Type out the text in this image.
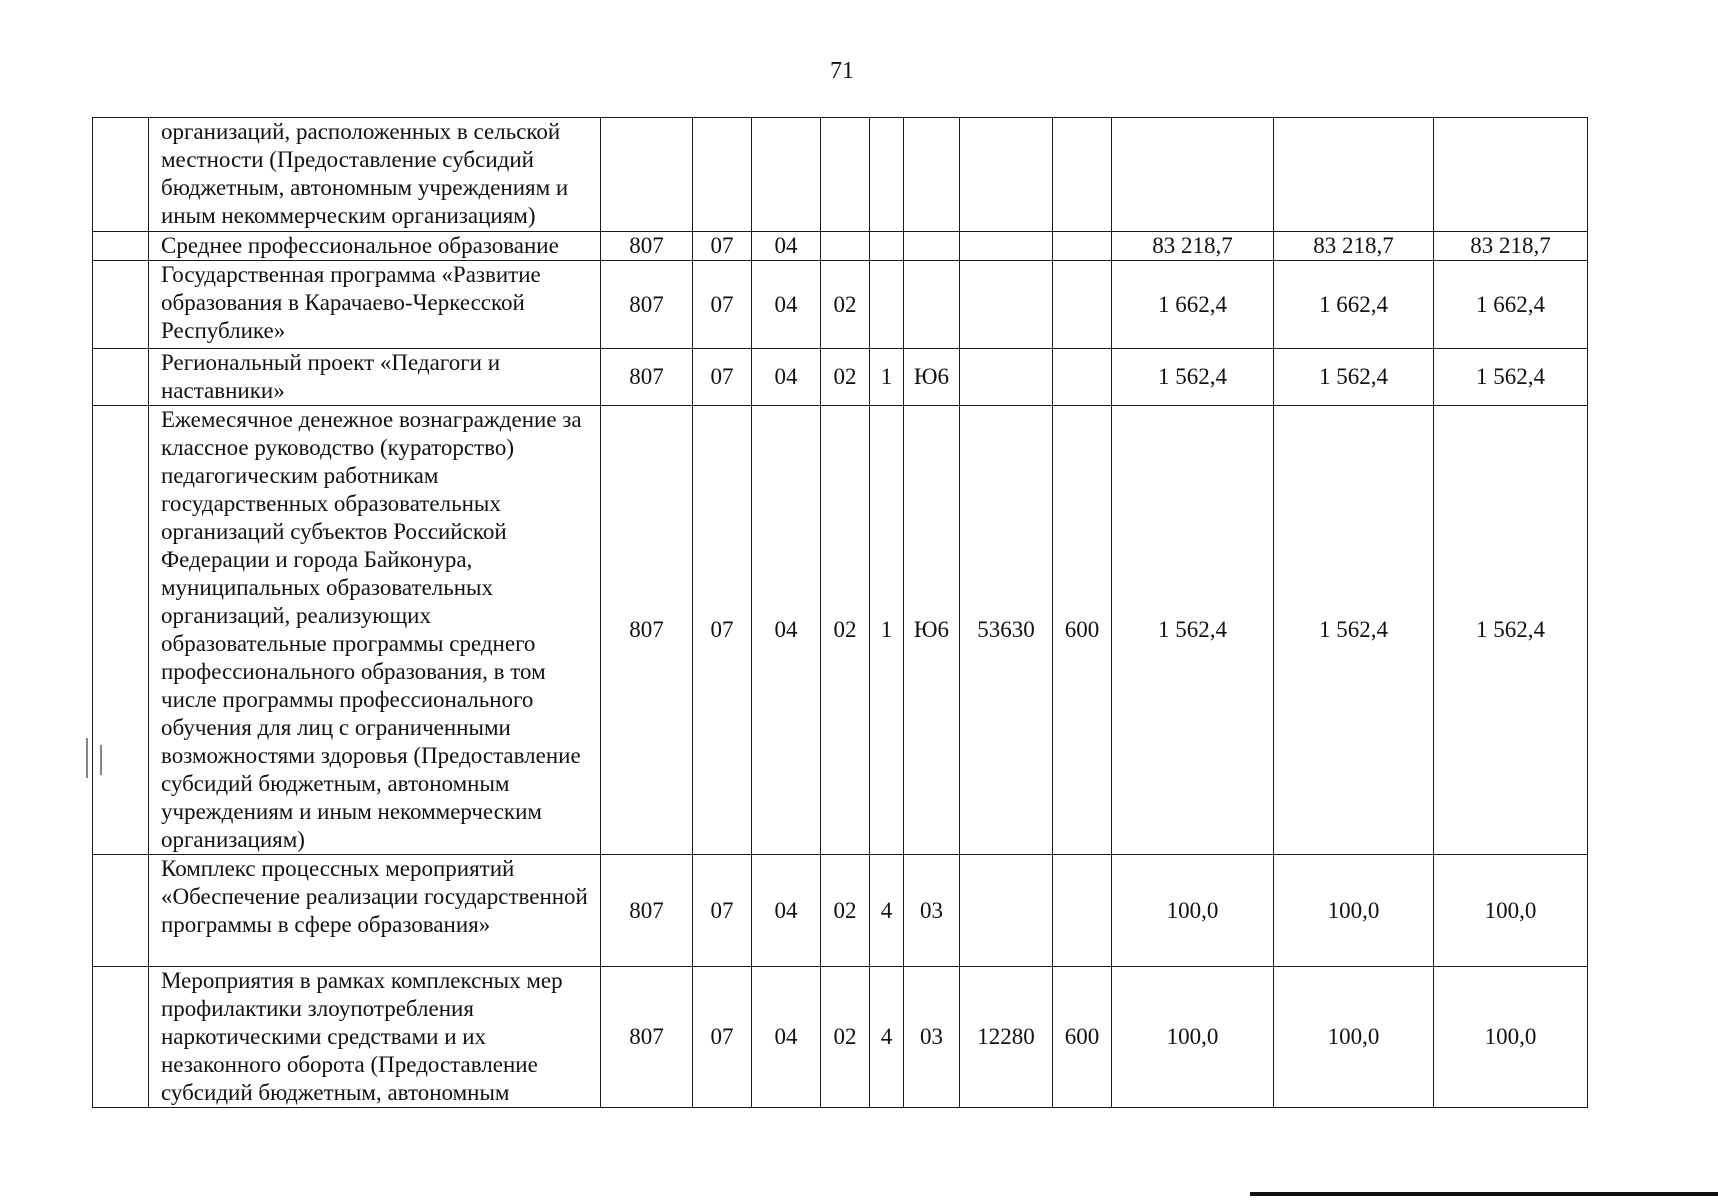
71
	организаций, расположенных в сельской местности (Предоставление субсидий бюджетным, автономным учреждениям и иным некоммерческим организациям)											
	Среднее профессиональное образование	807	07	04						83 218,7	83 218,7	83 218,7
	Государственная программа «Развитие образования в Карачаево-Черкесской Республике»	807	07	04	02					1 662,4	1 662,4	1 662,4
	Региональный проект «Педагоги и наставники»	807	07	04	02	1	Ю6			1 562,4	1 562,4	1 562,4
	Ежемесячное денежное вознаграждение за классное руководство (кураторство) педагогическим работникам государственных образовательных организаций субъектов Российской Федерации и города Байконура, муниципальных образовательных организаций, реализующих образовательные программы среднего профессионального образования, в том числе программы профессионального обучения для лиц с ограниченными возможностями здоровья (Предоставление субсидий бюджетным, автономным учреждениям и иным некоммерческим организациям)	807	07	04	02	1	Ю6	53630	600	1 562,4	1 562,4	1 562,4
	Комплекс процессных мероприятий «Обеспечение реализации государственной программы в сфере образования»	807	07	04	02	4	03			100,0	100,0	100,0
	Мероприятия в рамках комплексных мер профилактики злоупотребления наркотическими средствами и их незаконного оборота (Предоставление субсидий бюджетным, автономным	807	07	04	02	4	03	12280	600	100,0	100,0	100,0
